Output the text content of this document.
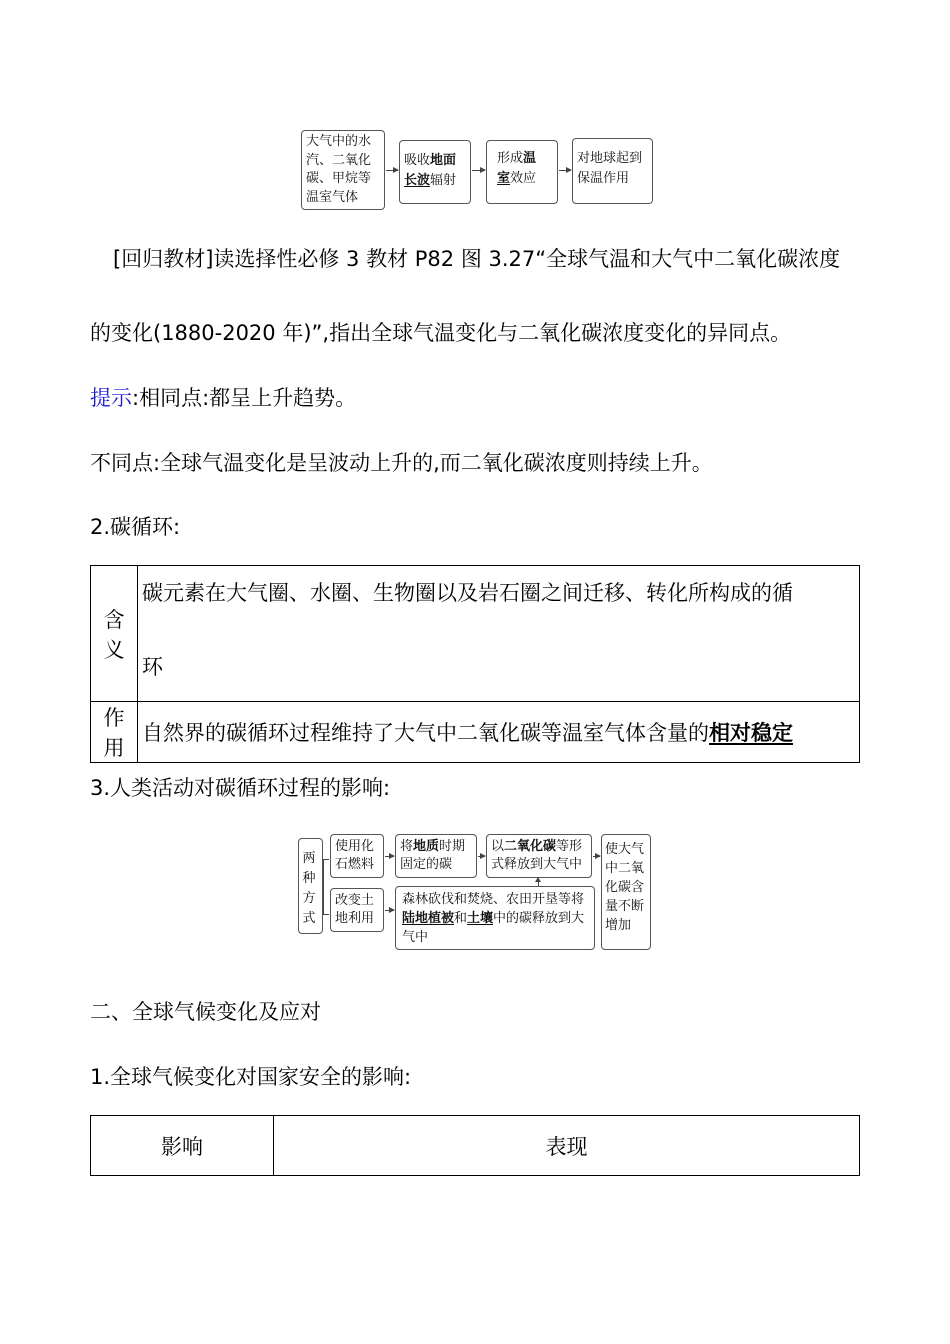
大气中的水汽、二氧化碳、甲烷等温室气体
吸收地面
长波辐射
形成温
室效应
对地球起到保温作用
[回归教材]读选择性必修 3 教材 P82 图 3.27“全球气温和大气中二氧化碳浓度
的变化(1880-2020 年)”,指出全球气温变化与二氧化碳浓度变化的异同点。
提示:相同点:都呈上升趋势。
不同点:全球气温变化是呈波动上升的,而二氧化碳浓度则持续上升。
2.碳循环:
含义	碳元素在大气圈、水圈、生物圈以及岩石圈之间迁移、转化所构成的循
环

作用	自然界的碳循环过程维持了大气中二氧化碳等温室气体含量的相对稳定
3.人类活动对碳循环过程的影响:
两种方式
使用化石燃料
改变土地利用
将地质时期固定的碳
以二氧化碳等形式释放到大气中
森林砍伐和焚烧、农田开垦等将陆地植被和土壤中的碳释放到大气中
使大气中二氧化碳含量不断增加
二、全球气候变化及应对
1.全球气候变化对国家安全的影响:
影响	表现
